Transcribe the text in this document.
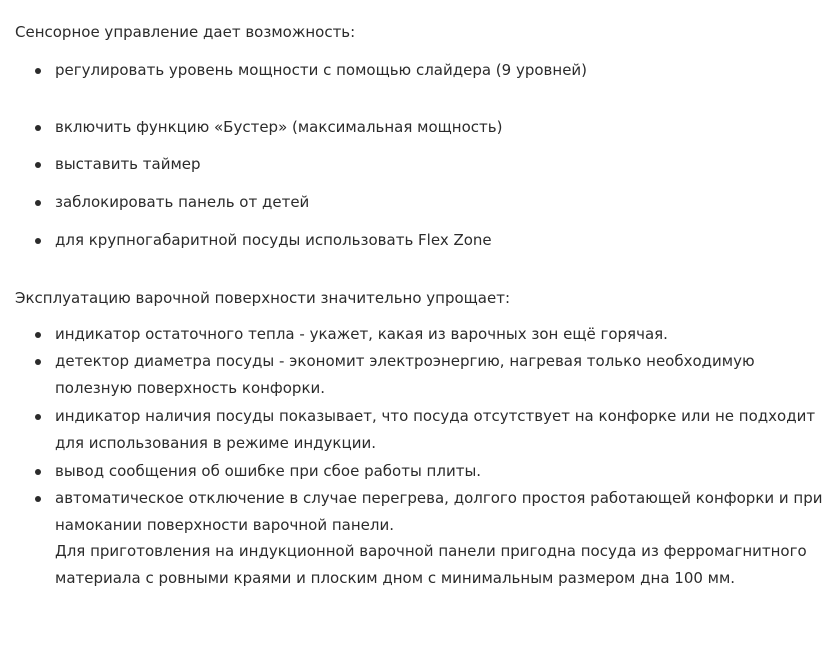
Сенсорное управление дает возможность:
регулировать уровень мощности с помощью слайдера (9 уровней)
включить функцию «Бустер» (максимальная мощность)
выставить таймер
заблокировать панель от детей
для крупногабаритной посуды использовать Flex Zone
Эксплуатацию варочной поверхности значительно упрощает:
индикатор остаточного тепла - укажет, какая из варочных зон ещё горячая.
детектор диаметра посуды - экономит электроэнергию, нагревая только необходимую полезную поверхность конфорки.
индикатор наличия посуды показывает, что посуда отсутствует на конфорке или не подходит для использования в режиме индукции.
вывод сообщения об ошибке при сбое работы плиты.
автоматическое отключение в случае перегрева, долгого простоя работающей конфорки и при намокании поверхности варочной панели.

Для приготовления на индукционной варочной панели пригодна посуда из ферромагнитного материала с ровными краями и плоским дном с минимальным размером дна 100 мм.
